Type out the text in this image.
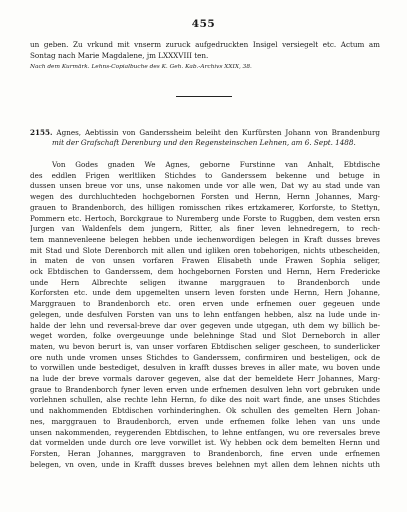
455
un geben. Zu vrkund mit vnserm zuruck aufgedruckten Insigel versiegelt etc. Actum am
Sontag nach Marie Magdalene, jm LXXXVIII ten.
Nach dem Kurmärk. Lehns-Copialbuche des K. Geh. Kab.-Archivs XXIX, 38.
2155. Agnes, Aebtissin von Ganderssheim beleiht den Kurfürsten Johann von Brandenburg
mit der Grafschaft Derenburg und den Regensteinschen Lehnen, am 6. Sept. 1488.
Von Godes gnaden We Agnes, geborne Furstinne van Anhalt, Ebtdische
des eddlen Frigen werltliken Stichdes to Ganderssem bekenne und betuge in
dussen unsen breue vor uns, unse nakomen unde vor alle wen, Dat wy au stad unde van
wegen des durchluchteden hochgebornen Forsten und Hernn, Hernn Johannes, Marg-
grauen to Brandenborch, des hilligen romisschen rikes ertzkamerer, Korforste, to Stettyn,
Pommern etc. Hertoch, Borckgraue to Nuremberg unde Forste to Ruggben, dem vesten ersn
Jurgen van Waldenfels dem jungern, Ritter, als finer leven lehnedregern, to rech-
tem mannevenleene belegen hebben unde iechenwordigen belegen in Kraft dusses breves
mit Stad und Slote Derenborch mit allen und igliken oren tobehorigen, nichts utbescheiden,
in maten de von unsen vorfaren Frawen Elisabeth unde Frawen Sophia seliger,
ock Ebtdischen to Ganderssem, dem hochgebornen Forsten und Hernn, Hern Fredericke
unde Hern Albrechte seligen itwanne marggrauen to Brandenborch unde
Korforsten etc. unde dem upgemelten unsern leven forsten unde Hernn, Hern Johanne,
Marggrauen to Brandenborch etc. oren erven unde erfnemen ouer gegeuen unde
gelegen, unde desfulven Forsten van uns to lehn entfangen hebben, alsz na lude unde in-
halde der lehn und reversal-breve dar over gegeven unde utgegan, uth dem wy billich be-
weget worden, folke overgeuunge unde belehninge Stad und Slot Derneborch in aller
maten, wu bevon berurt is, van unser vorfaren Ebtdischen seliger gescheen, to sunderlicker
ore nuth unde vromen unses Stichdes to Ganderssem, confirmiren und besteligen, ock de
to vorwillen unde bestediget, desulven in krafft dusses breves in aller mate, wu boven unde
na lude der breve vormals darover gegeven, alse dat der bemeldete Herr Johannes, Marg-
graue to Brandenborch fyner leven erven unde erfnemen desulven lehn vort gebruken unde
vorlehnen schullen, alse rechte lehn Hernn, fo dike des noit wart finde, ane unses Stichdes
und nakhommenden Ebtdischen vorhinderinghen. Ok schullen des gemelten Hern Johan-
nes, marggrauen to Braudenborch, erven unde erfnemen folke lehen van uns unde
unsen nakommenden, reygerenden Ebtdischen, to lehne entfangen, wu ore reversales breve
dat vormelden unde durch ore leve vorwillet ist. Wy hebben ock dem bemelten Hernn und
Forsten, Heran Johannes, marggraven to Brandenborch, fine erven unde erfnemen
belegen, vn oven, unde in Krafft dusses breves belehnen myt allen dem lehnen nichts uth
